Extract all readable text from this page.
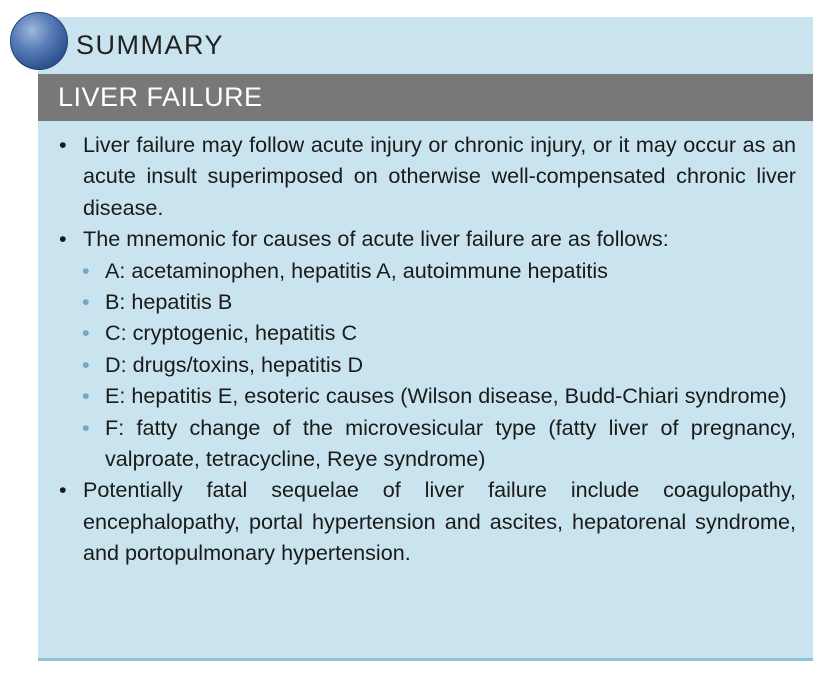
SUMMARY
LIVER FAILURE
• Liver failure may follow acute injury or chronic injury, or it may occur as an acute insult superimposed on otherwise well-compensated chronic liver disease.
• The mnemonic for causes of acute liver failure are as follows:
• A: acetaminophen, hepatitis A, autoimmune hepatitis
• B: hepatitis B
• C: cryptogenic, hepatitis C
• D: drugs/toxins, hepatitis D
• E: hepatitis E, esoteric causes (Wilson disease, Budd-Chiari syndrome)
• F: fatty change of the microvesicular type (fatty liver of pregnancy, valproate, tetracycline, Reye syndrome)
• Potentially fatal sequelae of liver failure include coagulopathy, encephalopathy, portal hypertension and ascites, hepatorenal syndrome, and portopulmonary hypertension.
